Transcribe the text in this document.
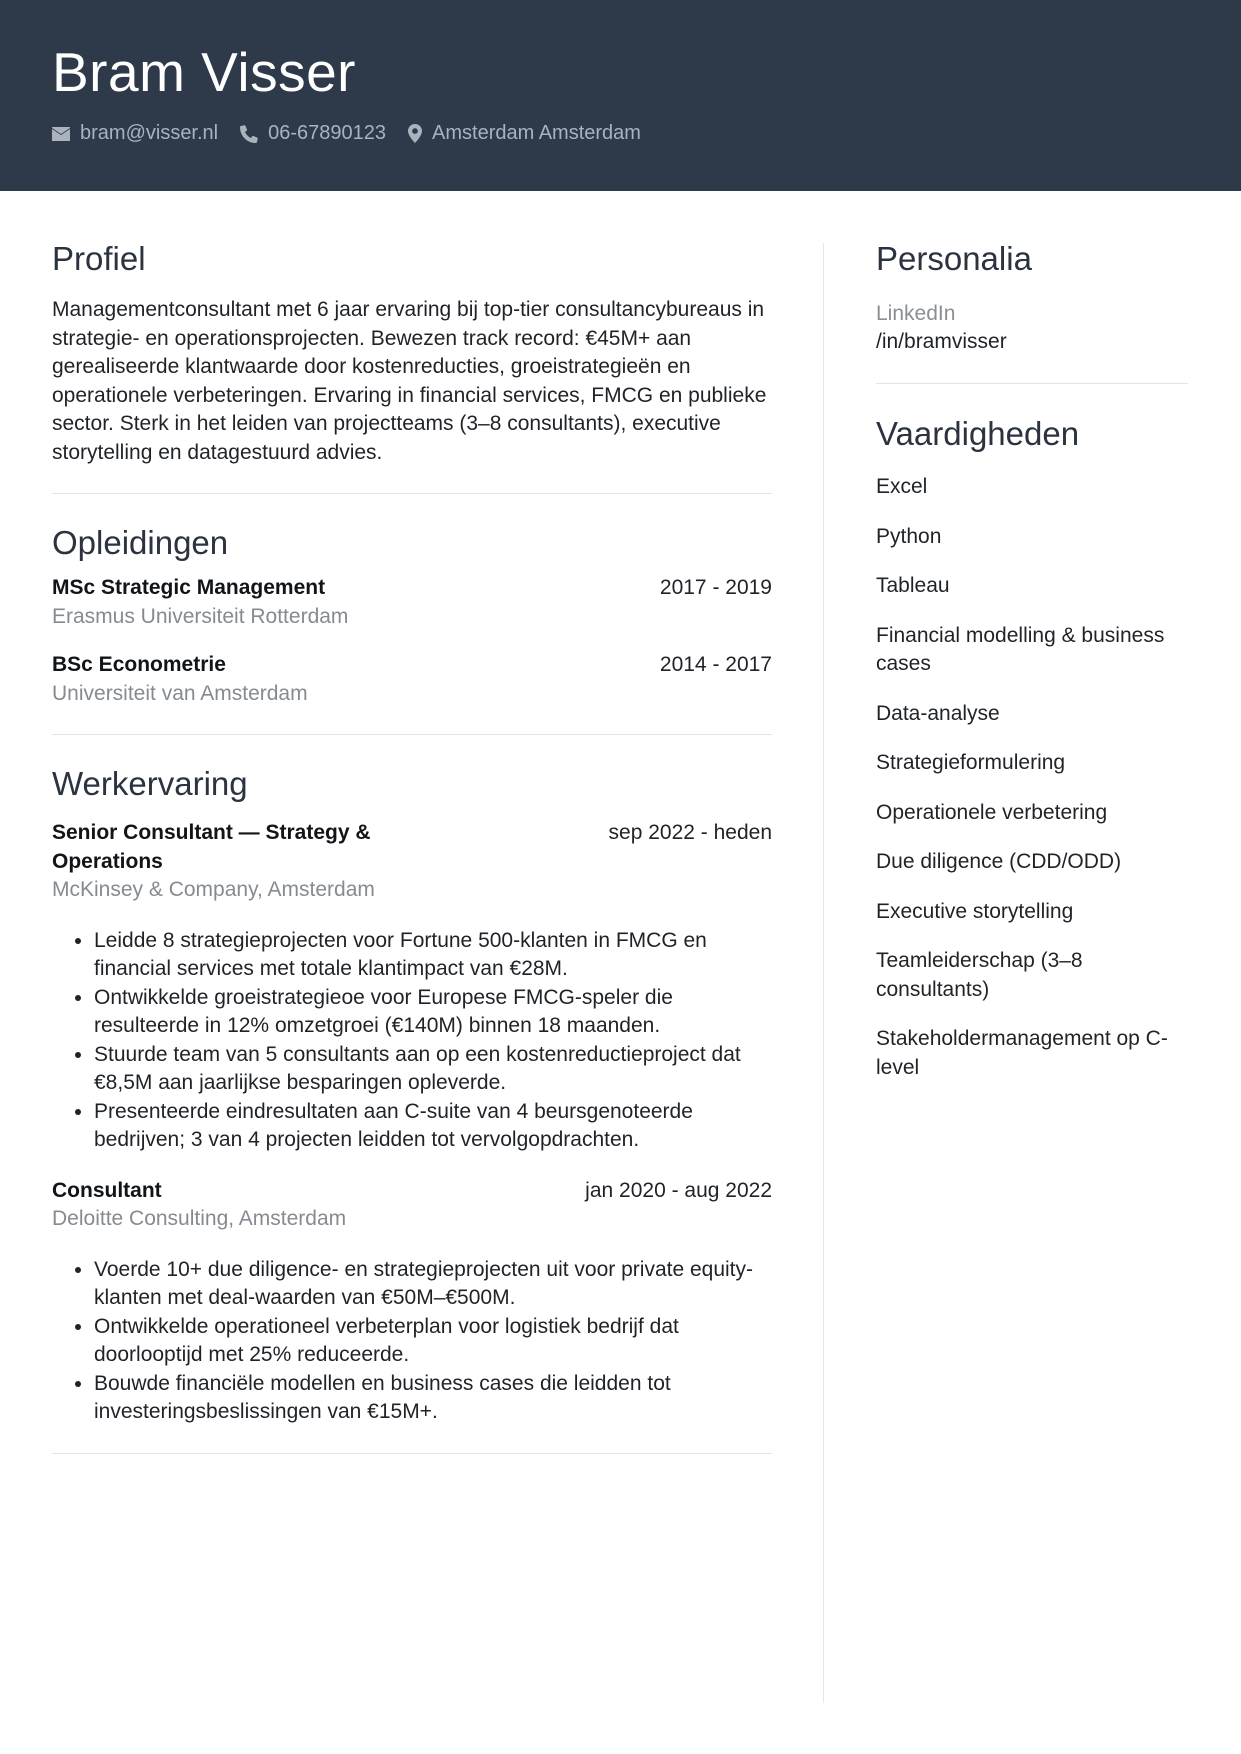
Bram Visser
bram@visser.nl	06-67890123 Amsterdam Amsterdam
Profiel

Managementconsultant met 6 jaar ervaring bij top-tier consultancybureaus in strategie- en operationsprojecten. Bewezen track record: €45M+ aan gerealiseerde klantwaarde door kostenreducties, groeistrategieën en operationele verbeteringen. Ervaring in financial services, FMCG en publieke sector. Sterk in het leiden van projectteams (3–8 consultants), executive storytelling en datagestuurd advies.

Opleidingen
MSc Strategic Management	2017 - 2019
Erasmus Universiteit Rotterdam
BSc Econometrie	2014 - 2017
Universiteit van Amsterdam
Werkervaring
Senior Consultant — Strategy & Operations
sep 2022 - heden
McKinsey & Company, Amsterdam
• Leidde 8 strategieprojecten voor Fortune 500-klanten in FMCG en financial services met totale klantimpact van €28M.
• Ontwikkelde groeistrategieoe voor Europese FMCG-speler die resulteerde in 12% omzetgroei (€140M) binnen 18 maanden.
• Stuurde team van 5 consultants aan op een kostenreductieproject dat €8,5M aan jaarlijkse besparingen opleverde.
• Presenteerde eindresultaten aan C-suite van 4 beursgenoteerde bedrijven; 3 van 4 projecten leidden tot vervolgopdrachten.
Consultant	jan 2020 - aug 2022
Deloitte Consulting, Amsterdam
• Voerde 10+ due diligence- en strategieprojecten uit voor private equity-klanten met deal-waarden van €50M–€500M.
• Ontwikkelde operationeel verbeterplan voor logistiek bedrijf dat doorlooptijd met 25% reduceerde.
• Bouwde financiële modellen en business cases die leidden tot investeringsbeslissingen van €15M+.
Personalia
LinkedIn
/in/bramvisser
Vaardigheden
Excel
Python
Tableau
Financial modelling & business cases
Data-analyse
Strategieformulering
Operationele verbetering
Due diligence (CDD/ODD)
Executive storytelling
Teamleiderschap (3–8 consultants)
Stakeholdermanagement op C-level
